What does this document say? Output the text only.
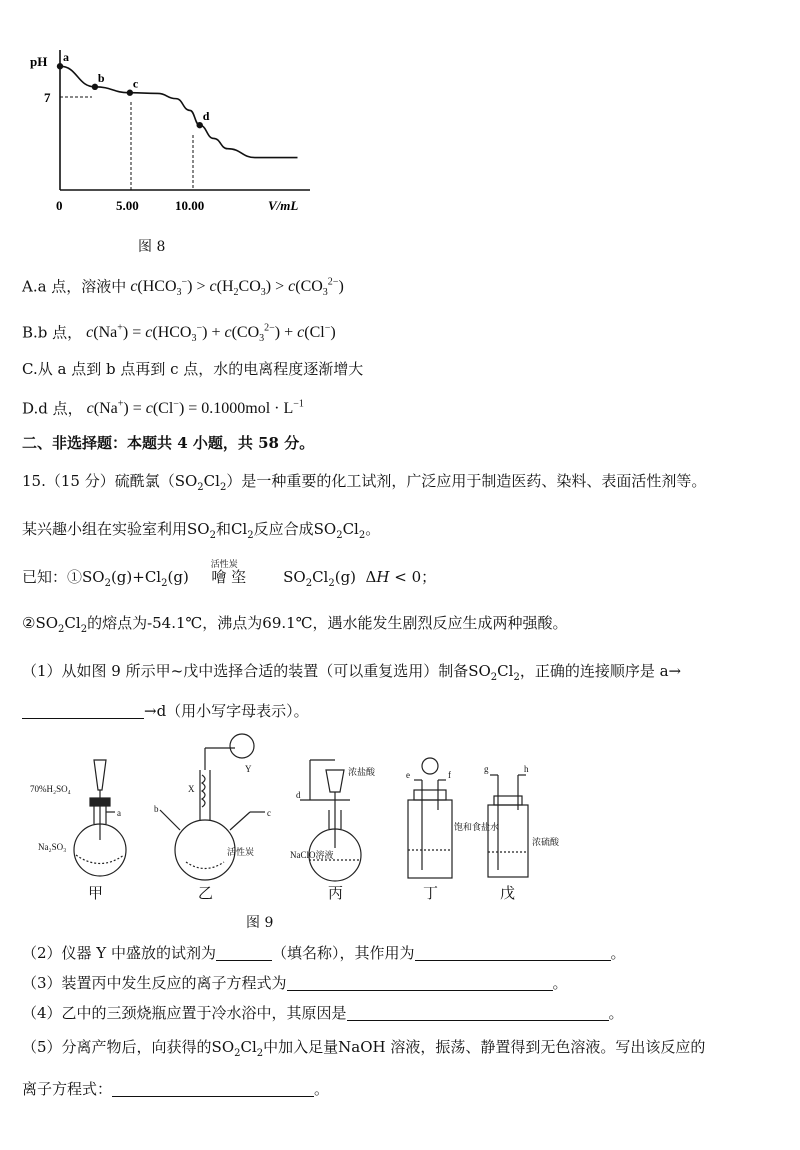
pH
V/mL
0	5.00	10.00
7
a
b c
d
图 8
A.a 点，溶液中 $c(HCO_3^-) > c(H_2CO_3) > c(CO_3^{2-})$
B.b 点， $c(Na^+) = c(HCO_3^-) + c(CO_3^{2-}) + c(Cl^-)$
C.从 a 点到 b 点再到 c 点，水的电离程度逐渐增大
D.d 点， $c(Na^+) = c(Cl^-) = 0.1000mol \cdot L^{-1}$
二、非选择题：本题共 4 小题，共 58 分。
15.（15 分）硫酰氯$(SO_2Cl_2)$是一种重要的化工试剂，广泛应用于制造医药、染料、表面活性剂等。
某兴趣小组在实验室利用$SO_2$和$Cl_2$反应合成$SO_2Cl_2$。
已知：$①SO_2(g)+Cl_2(g)$
活性炭
噲 垐   $SO_2Cl_2(g) \Delta H < 0$；
$②SO_2Cl_2$的熔点为-54.1℃，沸点为69.1℃，遇水能发生剧烈反应生成两种强酸。
（1）从如图 9 所示甲~戊中选择合适的装置（可以重复选用）制备$SO_2Cl_2$，正确的连接顺序是 a→
→d（用小写字母表示）。
70%H₂SO₄
Na₂SO₃
a
Y
X
b	c
活性炭
d
浓盐酸
NaClO溶液
e	f
饱和食盐水
g	h
浓硫酸
甲	乙	丙	丁	戊
图 9
（2）仪器 Y 中盛放的试剂为	（填名称），其作用为	。
（3）装置丙中发生反应的离子方程式为	。
（4）乙中的三颈烧瓶应置于冷水浴中，其原因是	。
（5）分离产物后，向获得的$SO_2Cl_2$中加入足量NaOH 溶液，振荡、静置得到无色溶液。写出该反应的
离子方程式：	。
